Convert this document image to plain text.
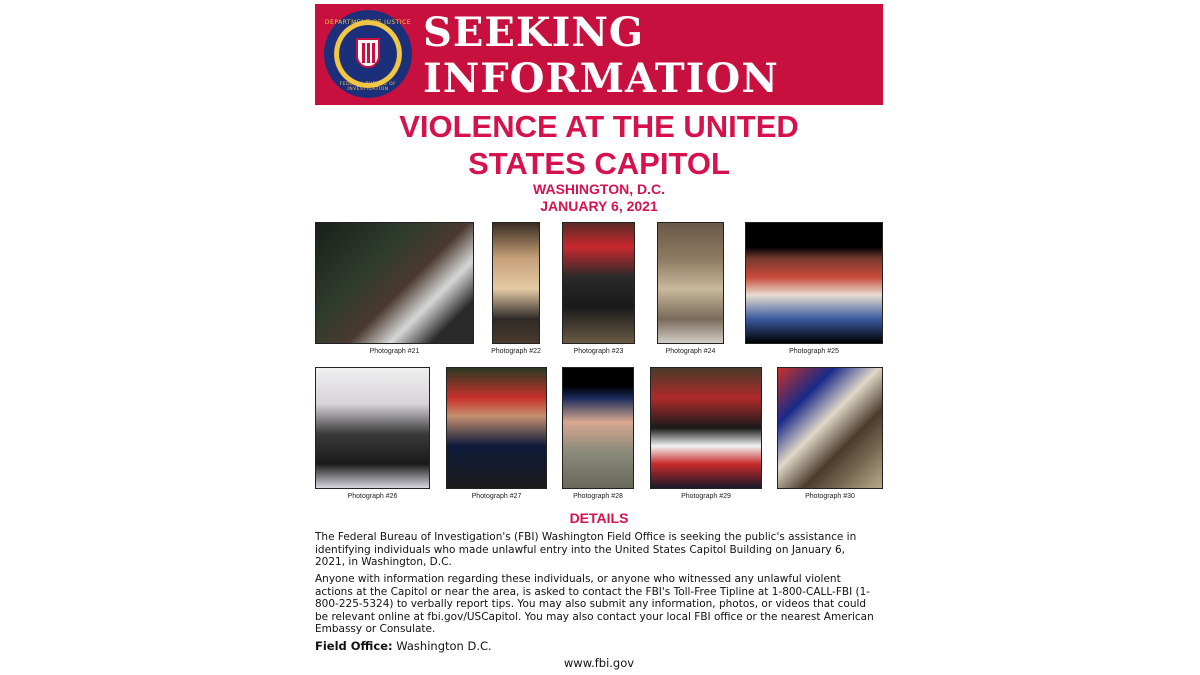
DEPARTMENT OF JUSTICE
FEDERAL BUREAU OF INVESTIGATION
SEEKING
INFORMATION
VIOLENCE AT THE UNITED
STATES CAPITOL
WASHINGTON, D.C.
JANUARY 6, 2021
Photograph #21	Photograph #22	Photograph #23	Photograph #24	Photograph #25
Photograph #26	Photograph #27	Photograph #28	Photograph #29	Photograph #30
DETAILS
The Federal Bureau of Investigation's (FBI) Washington Field Office is seeking the public's assistance in identifying individuals who made unlawful entry into the United States Capitol Building on January 6, 2021, in Washington, D.C.
Anyone with information regarding these individuals, or anyone who witnessed any unlawful violent actions at the Capitol or near the area, is asked to contact the FBI's Toll-Free Tipline at 1-800-CALL-FBI (1-800-225-5324) to verbally report tips. You may also submit any information, photos, or videos that could be relevant online at fbi.gov/USCapitol. You may also contact your local FBI office or the nearest American Embassy or Consulate.
Field Office: Washington D.C.
www.fbi.gov
